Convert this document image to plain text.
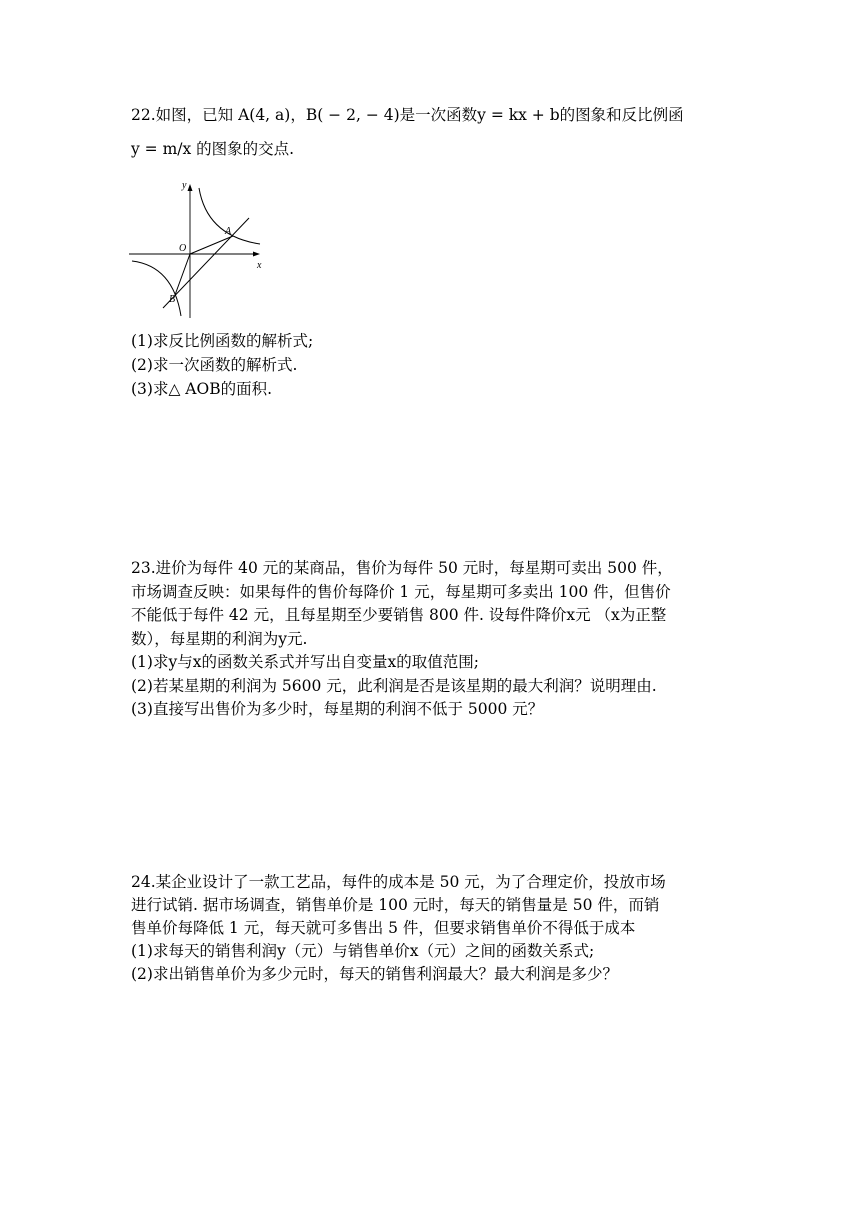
22.如图，已知 A(4, a)，B( − 2, − 4)是一次函数y = kx + b的图象和反比例函
y = m/x 的图象的交点.
y
x
O
A
B
(1)求反比例函数的解析式;
(2)求一次函数的解析式.
(3)求△ AOB的面积.
23.进价为每件 40 元的某商品，售价为每件 50 元时，每星期可卖出 500 件，
市场调查反映：如果每件的售价每降价 1 元，每星期可多卖出 100 件，但售价
不能低于每件 42 元，且每星期至少要销售 800 件. 设每件降价x元 （x为正整
数），每星期的利润为y元.
(1)求y与x的函数关系式并写出自变量x的取值范围;
(2)若某星期的利润为 5600 元，此利润是否是该星期的最大利润？说明理由.
(3)直接写出售价为多少时，每星期的利润不低于 5000 元？
24.某企业设计了一款工艺品，每件的成本是 50 元，为了合理定价，投放市场
进行试销. 据市场调查，销售单价是 100 元时，每天的销售量是 50 件，而销
售单价每降低 1 元，每天就可多售出 5 件，但要求销售单价不得低于成本
(1)求每天的销售利润y（元）与销售单价x（元）之间的函数关系式;
(2)求出销售单价为多少元时，每天的销售利润最大？最大利润是多少？
